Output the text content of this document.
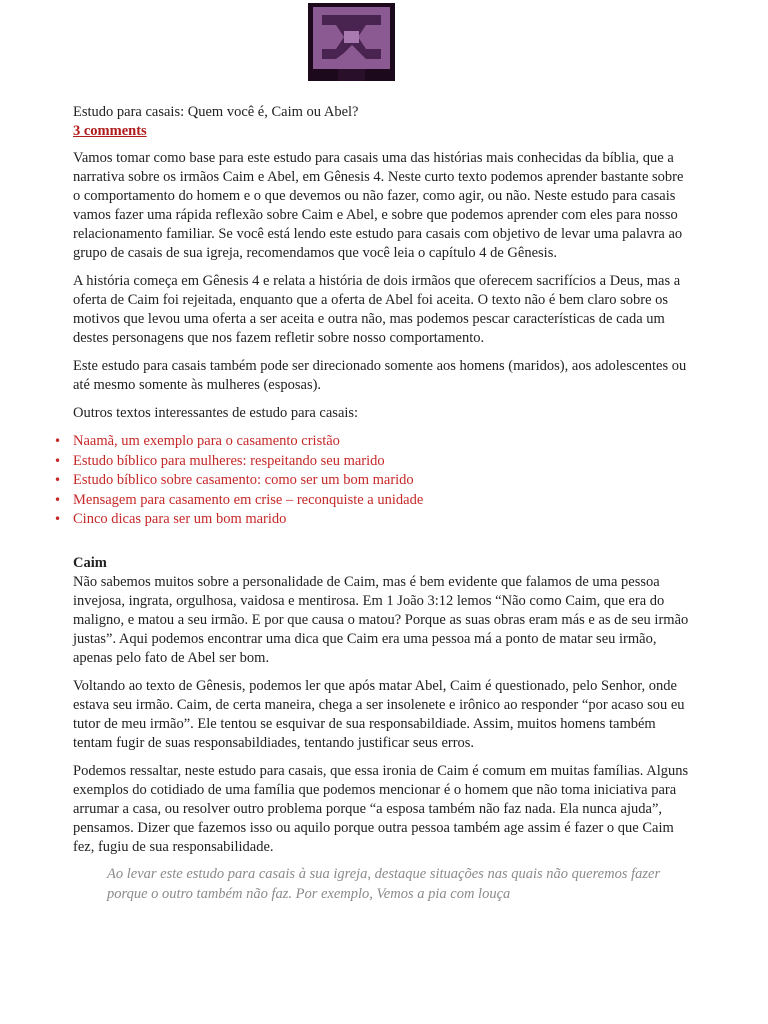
Estudo para casais: Quem você é, Caim ou Abel?
3 comments

Vamos tomar como base para este estudo para casais uma das histórias mais conhecidas da bíblia, que a narrativa sobre os irmãos Caim e Abel, em Gênesis 4. Neste curto texto podemos aprender bastante sobre o comportamento do homem e o que devemos ou não fazer, como agir, ou não. Neste estudo para casais vamos fazer uma rápida reflexão sobre Caim e Abel, e sobre que podemos aprender com eles para nosso relacionamento familiar. Se você está lendo este estudo para casais com objetivo de levar uma palavra ao grupo de casais de sua igreja, recomendamos que você leia o capítulo 4 de Gênesis.

A história começa em Gênesis 4 e relata a história de dois irmãos que oferecem sacrifícios a Deus, mas a oferta de Caim foi rejeitada, enquanto que a oferta de Abel foi aceita. O texto não é bem claro sobre os motivos que levou uma oferta a ser aceita e outra não, mas podemos pescar características de cada um destes personagens que nos fazem refletir sobre nosso comportamento.

Este estudo para casais também pode ser direcionado somente aos homens (maridos), aos adolescentes ou até mesmo somente às mulheres (esposas).

Outros textos interessantes de estudo para casais:

• Naamã, um exemplo para o casamento cristão
• Estudo bíblico para mulheres: respeitando seu marido
• Estudo bíblico sobre casamento: como ser um bom marido
• Mensagem para casamento em crise – reconquiste a unidade
• Cinco dicas para ser um bom marido
Caim

Não sabemos muitos sobre a personalidade de Caim, mas é bem evidente que falamos de uma pessoa invejosa, ingrata, orgulhosa, vaidosa e mentirosa. Em 1 João 3:12 lemos “Não como Caim, que era do maligno, e matou a seu irmão. E por que causa o matou? Porque as suas obras eram más e as de seu irmão justas”. Aqui podemos encontrar uma dica que Caim era uma pessoa má a ponto de matar seu irmão, apenas pelo fato de Abel ser bom.

Voltando ao texto de Gênesis, podemos ler que após matar Abel, Caim é questionado, pelo Senhor, onde estava seu irmão. Caim, de certa maneira, chega a ser insolenete e irônico ao responder “por acaso sou eu tutor de meu irmão”. Ele tentou se esquivar de sua responsabildiade. Assim, muitos homens também tentam fugir de suas responsabildiades, tentando justificar seus erros.

Podemos ressaltar, neste estudo para casais, que essa ironia de Caim é comum em muitas famílias. Alguns exemplos do cotidiado de uma família que podemos mencionar é o homem que não toma iniciativa para arrumar a casa, ou resolver outro problema porque “a esposa também não faz nada. Ela nunca ajuda”, pensamos. Dizer que fazemos isso ou aquilo porque outra pessoa também age assim é fazer o que Caim fez, fugiu de sua responsabilidade.

Ao levar este estudo para casais à sua igreja, destaque situações nas quais não queremos fazer porque o outro também não faz. Por exemplo, Vemos a pia com louça
